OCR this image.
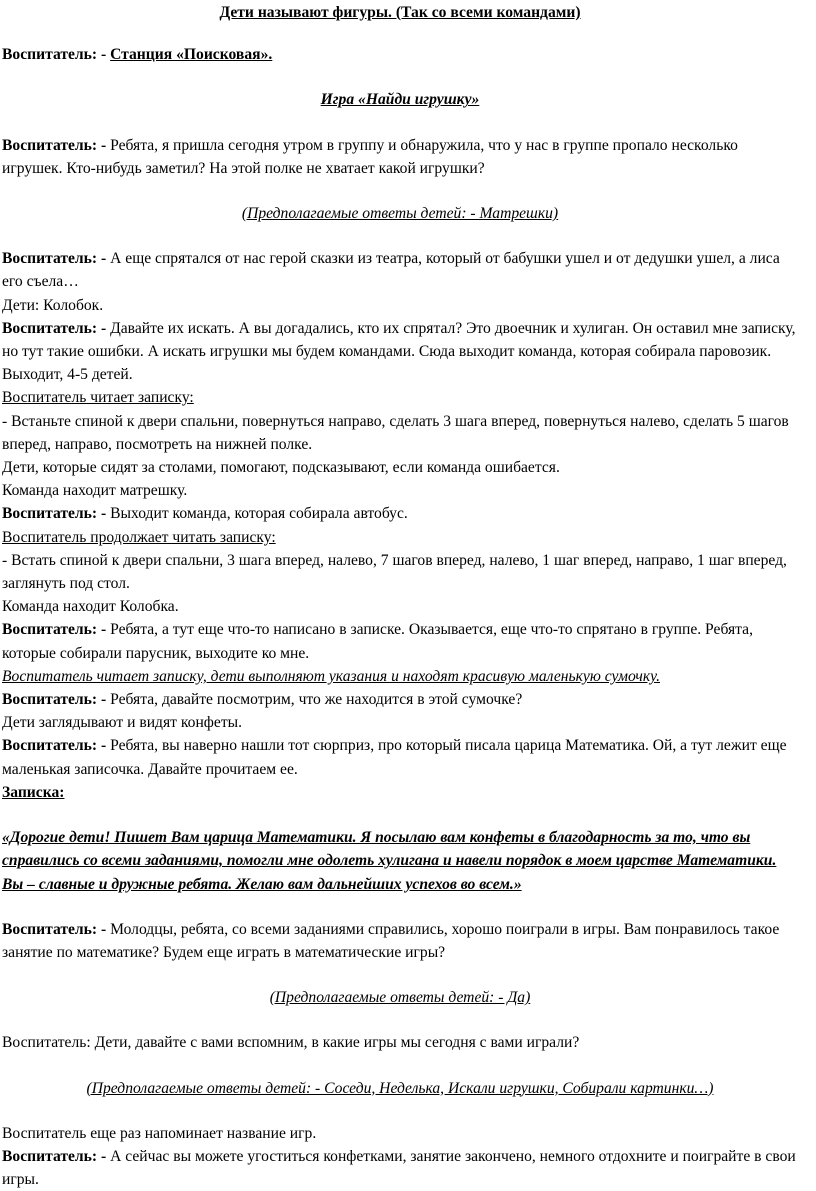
Дети называют фигуры. (Так со всеми командами)

Воспитатель: - Станция «Поисковая».

Игра «Найди игрушку»

Воспитатель: - Ребята, я пришла сегодня утром в группу и обнаружила, что у нас в группе пропало несколько игрушек. Кто-нибудь заметил? На этой полке не хватает какой игрушки?

(Предполагаемые ответы детей: - Матрешки)

Воспитатель: - А еще спрятался от нас герой сказки из театра, который от бабушки ушел и от дедушки ушел, а лиса его съела…

Дети: Колобок.

Воспитатель: - Давайте их искать. А вы догадались, кто их спрятал? Это двоечник и хулиган. Он оставил мне записку, но тут такие ошибки. А искать игрушки мы будем командами. Сюда выходит команда, которая собирала паровозик. Выходит, 4-5 детей.

Воспитатель читает записку:

- Встаньте спиной к двери спальни, повернуться направо, сделать 3 шага вперед, повернуться налево, сделать 5 шагов вперед, направо, посмотреть на нижней полке.

Дети, которые сидят за столами, помогают, подсказывают, если команда ошибается.

Команда находит матрешку.

Воспитатель: - Выходит команда, которая собирала автобус.

Воспитатель продолжает читать записку:

- Встать спиной к двери спальни, 3 шага вперед, налево, 7 шагов вперед, налево, 1 шаг вперед, направо, 1 шаг вперед, заглянуть под стол.

Команда находит Колобка.

Воспитатель: - Ребята, а тут еще что-то написано в записке. Оказывается, еще что-то спрятано в группе. Ребята, которые собирали парусник, выходите ко мне.

Воспитатель читает записку, дети выполняют указания и находят красивую маленькую сумочку.

Воспитатель: - Ребята, давайте посмотрим, что же находится в этой сумочке?

Дети заглядывают и видят конфеты.

Воспитатель: - Ребята, вы наверно нашли тот сюрприз, про который писала царица Математика. Ой, а тут лежит еще маленькая записочка. Давайте прочитаем ее.

Записка:

«Дорогие дети! Пишет Вам царица Математики. Я посылаю вам конфеты в благодарность за то, что вы справились со всеми заданиями, помогли мне одолеть хулигана и навели порядок в моем царстве Математики. Вы – славные и дружные ребята. Желаю вам дальнейших успехов во всем.»

Воспитатель: - Молодцы, ребята, со всеми заданиями справились, хорошо поиграли в игры. Вам понравилось такое занятие по математике? Будем еще играть в математические игры?

(Предполагаемые ответы детей: - Да)

Воспитатель: Дети, давайте с вами вспомним, в какие игры мы сегодня с вами играли?

(Предполагаемые ответы детей: - Соседи, Неделька, Искали игрушки, Собирали картинки…)

Воспитатель еще раз напоминает название игр.

Воспитатель: - А сейчас вы можете угоститься конфетками, занятие закончено, немного отдохните и поиграйте в свои игры.
